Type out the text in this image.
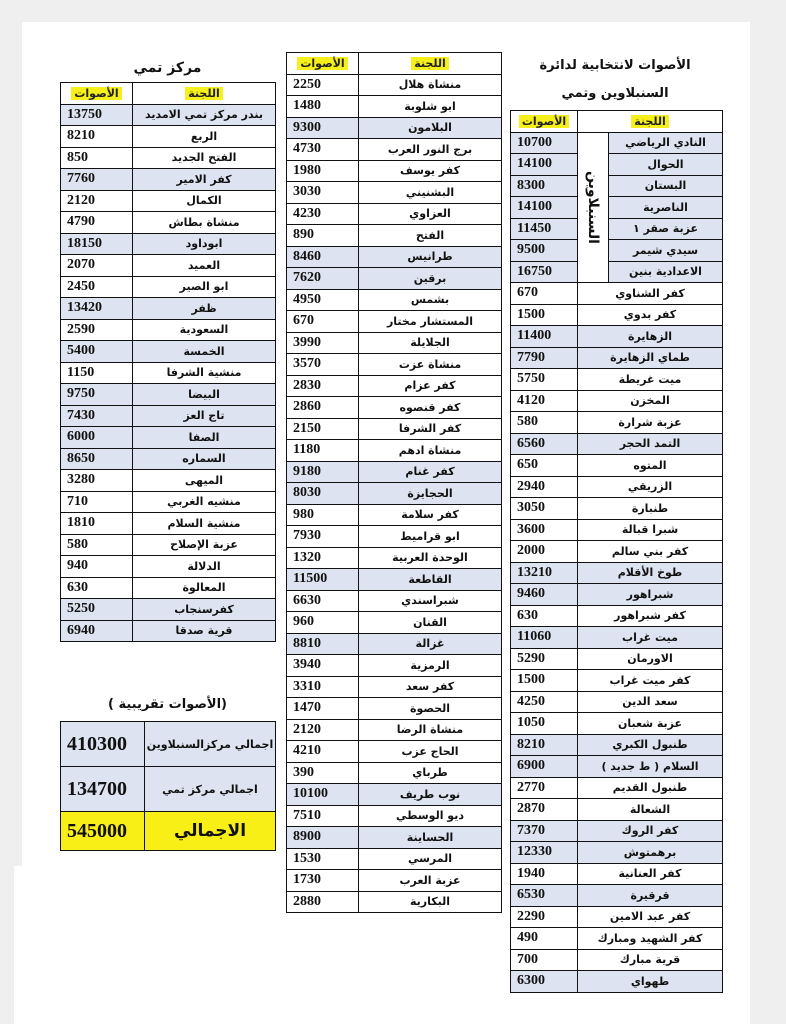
الأصوات لانتخابية لدائرة
السنبلاوين وتمي
مركز تمي
اللجنة	الأصوات
بندر مركز تمي الامديد	13750
الربع	8210
الفتح الجديد	850
كفر الامير	7760
الكمال	2120
منشاة بطاش	4790
ابوداود	18150
العميد	2070
ابو الصير	2450
ظفر	13420
السعودية	2590
الخمسة	5400
منشية الشرفا	1150
البيضا	9750
تاج العز	7430
الصفا	6000
السماره	8650
الميهى	3280
منشيه الغربي	710
منشية السلام	1810
عزبة الإصلاح	580
الدلالة	940
المعالوة	630
كفرسنجاب	5250
قرية صدقا	6940
(الأصوات تقريبية )
اجمالي مركزالسنبلاوين	410300
اجمالي مركز تمي	134700
الاجمالي	545000
اللجنة	الأصوات
منشاة هلال	2250
ابو شلوبة	1480
البلامون	9300
برج النور العرب	4730
كفر يوسف	1980
البشنيني	3030
العزاوي	4230
الفتح	890
طرانيس	8460
برقين	7620
بشمس	4950
المستشار مختار	670
الجلايلة	3990
منشاة عزت	3570
كفر عزام	2830
كفر قنصوه	2860
كفر الشرفا	2150
منشاة ادهم	1180
كفر غنام	9180
الحجايزة	8030
كفر سلامة	980
ابو قراميط	7930
الوحدة العربية	1320
القاطعة	11500
شبراسندي	6630
القنان	960
غزالة	8810
الرمزية	3940
كفر سعد	3310
الحصوة	1470
منشاة الرضا	2120
الحاج عزب	4210
طرباي	390
نوب طريف	10100
ديو الوسطي	7510
الحساينة	8900
المرسي	1530
عزبة العرب	1730
البكارية	2880
اللجنة		الأصوات
النادي الرياضي	السنبلاوين	10700
الحوال		14100
البستان		8300
الناصرية		14100
عزبة صقر ١		11450
سيدي شيمر		9500
الاعدادية بنين		16750
كفر الشناوي		670
كفر بدوي		1500
الزهايرة		11400
طماي الزهايرة		7790
ميت غريطة		5750
المخزن		4120
عزبة شرارة		580
التمد الحجر		6560
المتوه		650
الزريقي		2940
طنبارة		3050
شبرا قبالة		3600
كفر بني سالم		2000
طوخ الأقلام		13210
شبراهور		9460
كفر شبراهور		630
ميت غراب		11060
الاورمان		5290
كفر ميت غراب		1500
سعد الدين		4250
عزبة شعبان		1050
طنبول الكبري		8210
السلام ( ط جديد )		6900
طنبول القديم		2770
الشعالة		2870
كفر الروك		7370
برهمتوش		12330
كفر العنانية		1940
قرقيرة		6530
كفر عبد الامين		2290
كفر الشهيد ومبارك		490
قرية مبارك		700
طهواي		6300
